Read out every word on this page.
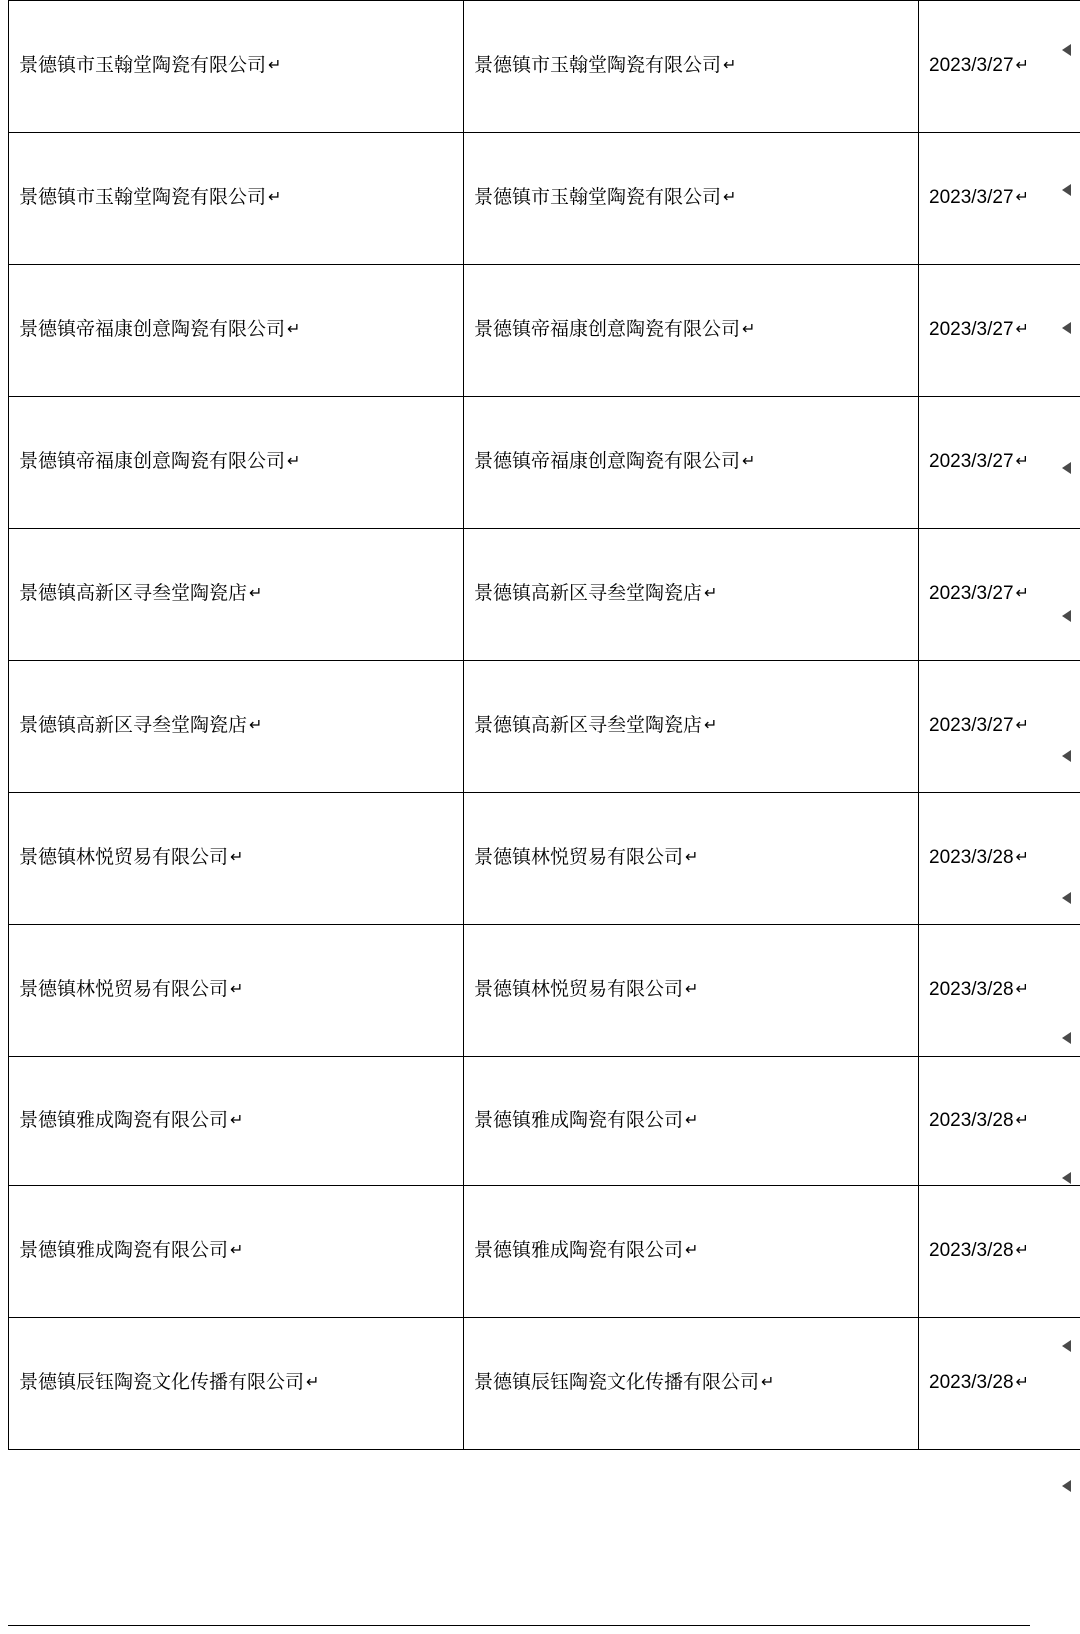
景德镇市玉翰堂陶瓷有限公司 ↵	景德镇市玉翰堂陶瓷有限公司 ↵	2023/3/27 ↵
景德镇市玉翰堂陶瓷有限公司 ↵	景德镇市玉翰堂陶瓷有限公司 ↵	2023/3/27 ↵
景德镇帝福康创意陶瓷有限公司 ↵	景德镇帝福康创意陶瓷有限公司 ↵	2023/3/27 ↵
景德镇帝福康创意陶瓷有限公司 ↵	景德镇帝福康创意陶瓷有限公司 ↵	2023/3/27 ↵
景德镇高新区寻叁堂陶瓷店 ↵	景德镇高新区寻叁堂陶瓷店 ↵	2023/3/27 ↵
景德镇高新区寻叁堂陶瓷店 ↵	景德镇高新区寻叁堂陶瓷店 ↵	2023/3/27 ↵
景德镇林悦贸易有限公司 ↵	景德镇林悦贸易有限公司 ↵	2023/3/28 ↵
景德镇林悦贸易有限公司 ↵	景德镇林悦贸易有限公司 ↵	2023/3/28 ↵
景德镇雅成陶瓷有限公司 ↵	景德镇雅成陶瓷有限公司 ↵	2023/3/28 ↵
景德镇雅成陶瓷有限公司 ↵	景德镇雅成陶瓷有限公司 ↵	2023/3/28 ↵
景德镇辰钰陶瓷文化传播有限公司 ↵	景德镇辰钰陶瓷文化传播有限公司 ↵	2023/3/28 ↵
